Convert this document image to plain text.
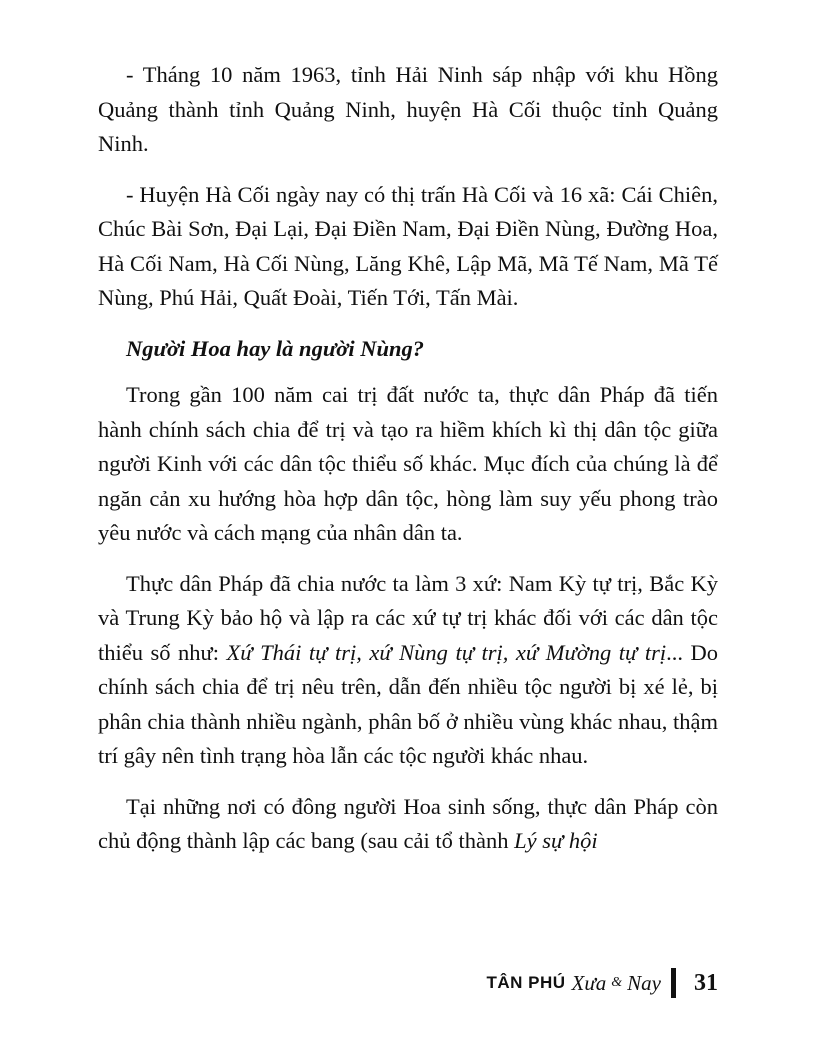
- Tháng 10 năm 1963, tỉnh Hải Ninh sáp nhập với khu Hồng Quảng thành tỉnh Quảng Ninh, huyện Hà Cối thuộc tỉnh Quảng Ninh.

- Huyện Hà Cối ngày nay có thị trấn Hà Cối và 16 xã: Cái Chiên, Chúc Bài Sơn, Đại Lại, Đại Điền Nam, Đại Điền Nùng, Đường Hoa, Hà Cối Nam, Hà Cối Nùng, Lăng Khê, Lập Mã, Mã Tế Nam, Mã Tế Nùng, Phú Hải, Quất Đoài, Tiến Tới, Tấn Mài.

Người Hoa hay là người Nùng?

Trong gần 100 năm cai trị đất nước ta, thực dân Pháp đã tiến hành chính sách chia để trị và tạo ra hiềm khích kì thị dân tộc giữa người Kinh với các dân tộc thiểu số khác. Mục đích của chúng là để ngăn cản xu hướng hòa hợp dân tộc, hòng làm suy yếu phong trào yêu nước và cách mạng của nhân dân ta.

Thực dân Pháp đã chia nước ta làm 3 xứ: Nam Kỳ tự trị, Bắc Kỳ và Trung Kỳ bảo hộ và lập ra các xứ tự trị khác đối với các dân tộc thiểu số như: Xứ Thái tự trị, xứ Nùng tự trị, xứ Mường tự trị... Do chính sách chia để trị nêu trên, dẫn đến nhiều tộc người bị xé lẻ, bị phân chia thành nhiều ngành, phân bố ở nhiều vùng khác nhau, thậm trí gây nên tình trạng hòa lẫn các tộc người khác nhau.

Tại những nơi có đông người Hoa sinh sống, thực dân Pháp còn chủ động thành lập các bang (sau cải tổ thành Lý sự hội

TÂN PHÚ Xưa & Nay 31
